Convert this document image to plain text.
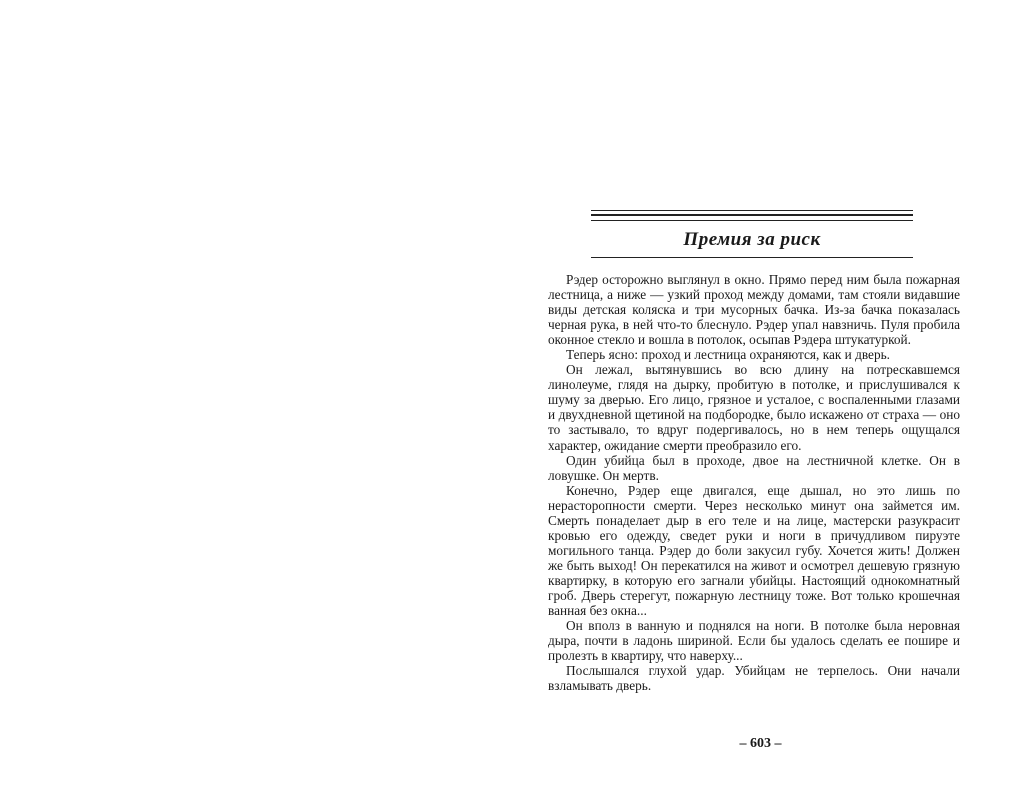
Премия за риск

Рэдер осторожно выглянул в окно. Прямо перед ним была пожарная лестница, а ниже — узкий проход между домами, там стояли видавшие виды детская коляска и три мусорных бачка. Из-за бачка показалась черная рука, в ней что-то блеснуло. Рэдер упал навзничь. Пуля пробила оконное стекло и вошла в потолок, осыпав Рэдера штукатуркой.

Теперь ясно: проход и лестница охраняются, как и дверь.

Он лежал, вытянувшись во всю длину на потрескавшемся линолеуме, глядя на дырку, пробитую в потолке, и прислушивался к шуму за дверью. Его лицо, грязное и усталое, с воспаленными глазами и двухдневной щетиной на подбородке, было искажено от страха — оно то застывало, то вдруг подергивалось, но в нем теперь ощущался характер, ожидание смерти преобразило его.

Один убийца был в проходе, двое на лестничной клетке. Он в ловушке. Он мертв.

Конечно, Рэдер еще двигался, еще дышал, но это лишь по нерасторопности смерти. Через несколько минут она займется им. Смерть понаделает дыр в его теле и на лице, мастерски разукрасит кровью его одежду, сведет руки и ноги в причудливом пируэте могильного танца. Рэдер до боли закусил губу. Хочется жить! Должен же быть выход! Он перекатился на живот и осмотрел дешевую грязную квартирку, в которую его загнали убийцы. Настоящий однокомнатный гроб. Дверь стерегут, пожарную лестницу тоже. Вот только крошечная ванная без окна...

Он вполз в ванную и поднялся на ноги. В потолке была неровная дыра, почти в ладонь шириной. Если бы удалось сделать ее пошире и пролезть в квартиру, что наверху...

Послышался глухой удар. Убийцам не терпелось. Они начали взламывать дверь.

– 603 –
